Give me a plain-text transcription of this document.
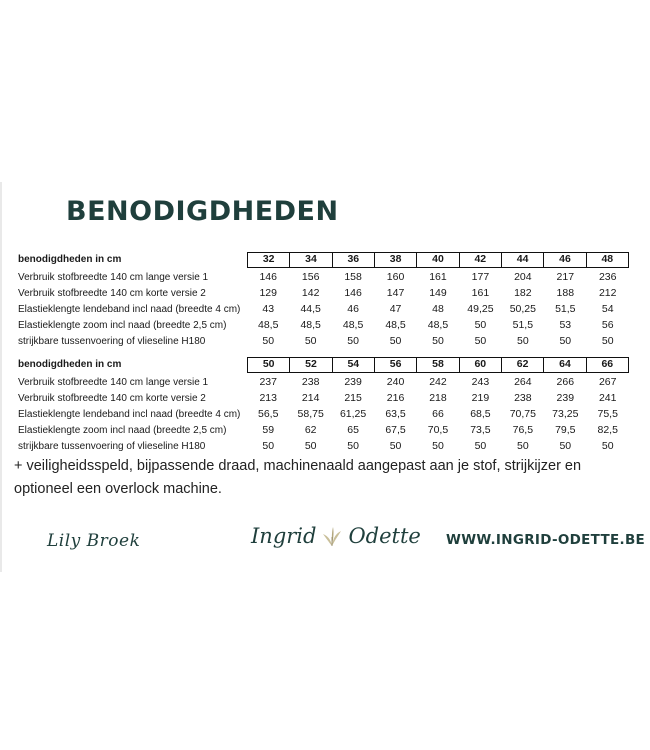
BENODIGDHEDEN
benodigdheden in cm	32	34	36	38	40	42	44	46	48
Verbruik stofbreedte 140 cm lange versie 1	146	156	158	160	161	177	204	217	236
Verbruik stofbreedte 140 cm korte versie 2	129	142	146	147	149	161	182	188	212
Elastieklengte lendeband incl naad (breedte 4 cm)	43	44,5	46	47	48	49,25	50,25	51,5	54
Elastieklengte zoom incl naad (breedte 2,5 cm)	48,5	48,5	48,5	48,5	48,5	50	51,5	53	56
strijkbare tussenvoering of vlieseline H180	50	50	50	50	50	50	50	50	50
benodigdheden in cm	50	52	54	56	58	60	62	64	66
Verbruik stofbreedte 140 cm lange versie 1	237	238	239	240	242	243	264	266	267
Verbruik stofbreedte 140 cm korte versie 2	213	214	215	216	218	219	238	239	241
Elastieklengte lendeband incl naad (breedte 4 cm)	56,5	58,75	61,25	63,5	66	68,5	70,75	73,25	75,5
Elastieklengte zoom incl naad (breedte 2,5 cm)	59	62	65	67,5	70,5	73,5	76,5	79,5	82,5
strijkbare tussenvoering of vlieseline H180	50	50	50	50	50	50	50	50	50

+ veiligheidsspeld, bijpassende draad, machinenaald aangepast aan je stof, strijkijzer en optioneel een overlock machine.

Lily Broek	Ingrid Odette WWW.INGRID-ODETTE.BE
